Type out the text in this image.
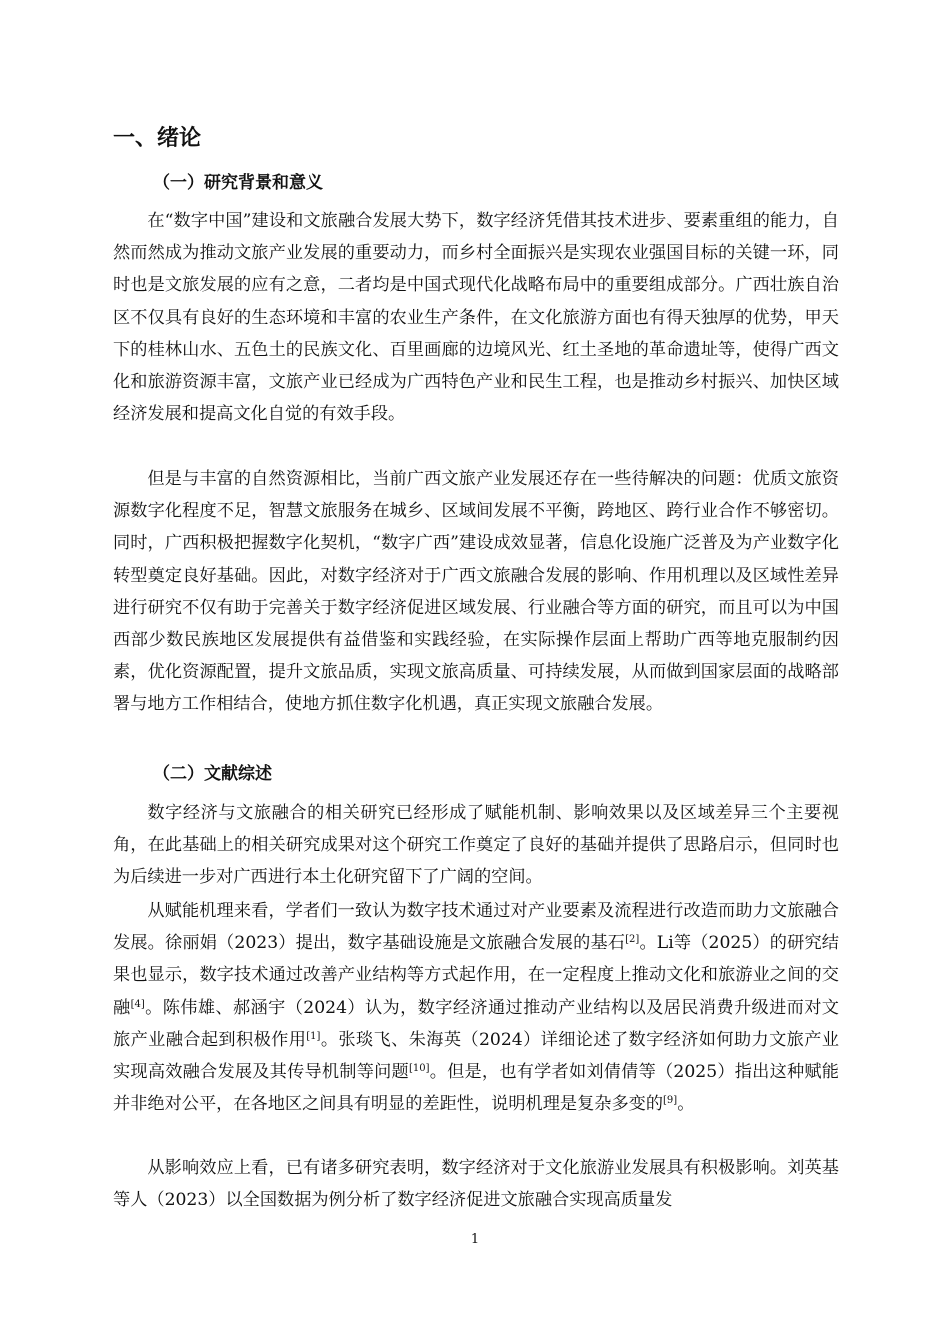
一、绪论
（一）研究背景和意义

在“数字中国”建设和文旅融合发展大势下，数字经济凭借其技术进步、要素重组的能力，自然而然成为推动文旅产业发展的重要动力，而乡村全面振兴是实现农业强国目标的关键一环，同时也是文旅发展的应有之意，二者均是中国式现代化战略布局中的重要组成部分。广西壮族自治区不仅具有良好的生态环境和丰富的农业生产条件，在文化旅游方面也有得天独厚的优势，甲天下的桂林山水、五色土的民族文化、百里画廊的边境风光、红土圣地的革命遗址等，使得广西文化和旅游资源丰富，文旅产业已经成为广西特色产业和民生工程，也是推动乡村振兴、加快区域经济发展和提高文化自觉的有效手段。

但是与丰富的自然资源相比，当前广西文旅产业发展还存在一些待解决的问题：优质文旅资源数字化程度不足，智慧文旅服务在城乡、区域间发展不平衡，跨地区、跨行业合作不够密切。同时，广西积极把握数字化契机，“数字广西”建设成效显著，信息化设施广泛普及为产业数字化转型奠定良好基础。因此，对数字经济对于广西文旅融合发展的影响、作用机理以及区域性差异进行研究不仅有助于完善关于数字经济促进区域发展、行业融合等方面的研究，而且可以为中国西部少数民族地区发展提供有益借鉴和实践经验，在实际操作层面上帮助广西等地克服制约因素，优化资源配置，提升文旅品质，实现文旅高质量、可持续发展，从而做到国家层面的战略部署与地方工作相结合，使地方抓住数字化机遇，真正实现文旅融合发展。

（二）文献综述

数字经济与文旅融合的相关研究已经形成了赋能机制、影响效果以及区域差异三个主要视角，在此基础上的相关研究成果对这个研究工作奠定了良好的基础并提供了思路启示，但同时也为后续进一步对广西进行本土化研究留下了广阔的空间。

从赋能机理来看，学者们一致认为数字技术通过对产业要素及流程进行改造而助力文旅融合发展。徐丽娟（2023）提出，数字基础设施是文旅融合发展的基石[2]。Li等（2025）的研究结果也显示，数字技术通过改善产业结构等方式起作用，在一定程度上推动文化和旅游业之间的交融[4]。陈伟雄、郝涵宇（2024）认为，数字经济通过推动产业结构以及居民消费升级进而对文旅产业融合起到积极作用[1]。张琰飞、朱海英（2024）详细论述了数字经济如何助力文旅产业实现高效融合发展及其传导机制等问题[10]。但是，也有学者如刘倩倩等（2025）指出这种赋能并非绝对公平，在各地区之间具有明显的差距性，说明机理是复杂多变的[9]。

从影响效应上看，已有诸多研究表明，数字经济对于文化旅游业发展具有积极影响。刘英基等人（2023）以全国数据为例分析了数字经济促进文旅融合实现高质量发

1
